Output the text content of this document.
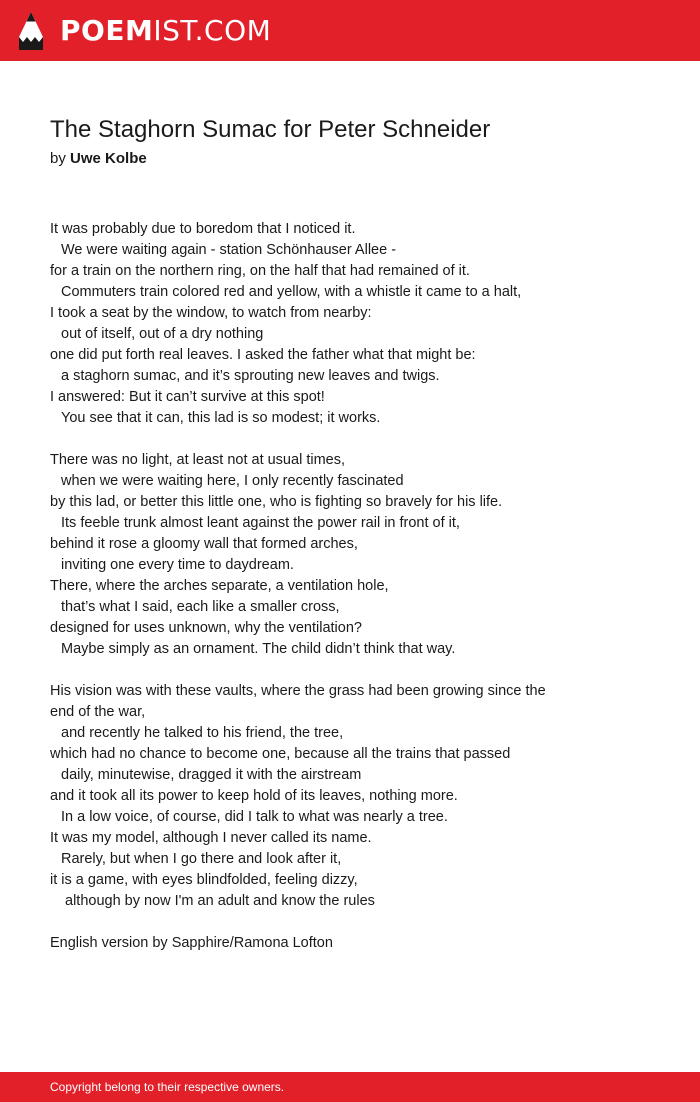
POEMIST.COM
The Staghorn Sumac for Peter Schneider
by Uwe Kolbe
It was probably due to boredom that I noticed it.
We were waiting again - station Schönhauser Allee -
for a train on the northern ring, on the half that had remained of it.
Commuters train colored red and yellow, with a whistle it came to a halt,
I took a seat by the window, to watch from nearby:
out of itself, out of a dry nothing
one did put forth real leaves. I asked the father what that might be:
a staghorn sumac, and it’s sprouting new leaves and twigs.
I answered: But it can’t survive at this spot!
You see that it can, this lad is so modest; it works.
There was no light, at least not at usual times,
when we were waiting here, I only recently fascinated
by this lad, or better this little one, who is fighting so bravely for his life.
Its feeble trunk almost leant against the power rail in front of it,
behind it rose a gloomy wall that formed arches,
inviting one every time to daydream.
There, where the arches separate, a ventilation hole,
that’s what I said, each like a smaller cross,
designed for uses unknown, why the ventilation?
Maybe simply as an ornament. The child didn’t think that way.
His vision was with these vaults, where the grass had been growing since the end of the war,
and recently he talked to his friend, the tree,
which had no chance to become one, because all the trains that passed
daily, minutewise, dragged it with the airstream
and it took all its power to keep hold of its leaves, nothing more.
In a low voice, of course, did I talk to what was nearly a tree.
It was my model, although I never called its name.
Rarely, but when I go there and look after it,
it is a game, with eyes blindfolded, feeling dizzy,
although by now I'm an adult and know the rules
English version by Sapphire/Ramona Lofton
Copyright belong to their respective owners.
